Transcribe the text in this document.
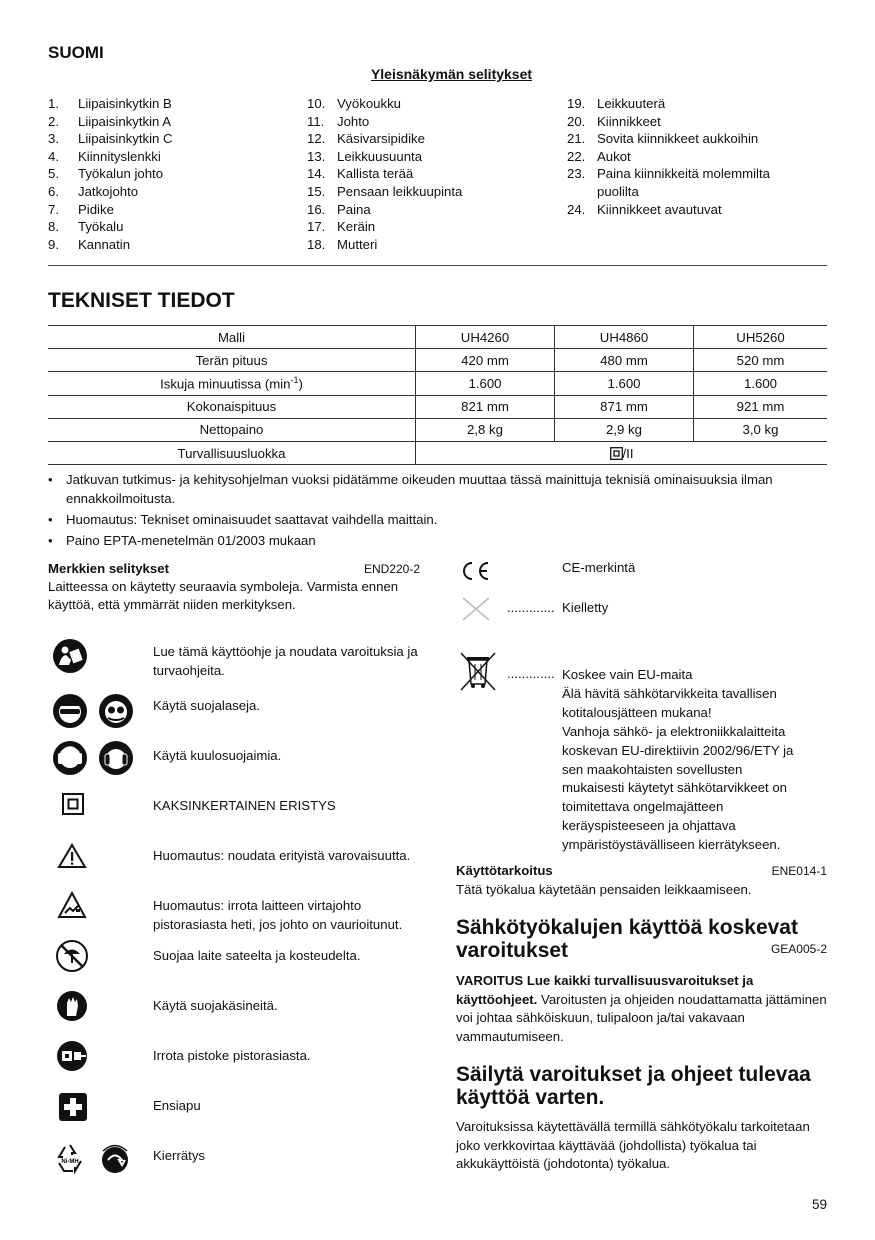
SUOMI
Yleisnäkymän selitykset
1.	Liipaisinkytkin B
2.	Liipaisinkytkin A
3.	Liipaisinkytkin C
4.	Kiinnityslenkki
5.	Työkalun johto
6.	Jatkojohto
7.	Pidike
8.	Työkalu
9.	Kannatin
10. Vyökoukku
11. Johto
12. Käsivarsipidike
13. Leikkuusuunta
14. Kallista terää
15. Pensaan leikkuupinta
16. Paina
17. Keräin
18. Mutteri
19. Leikkuuterä
20. Kiinnikkeet
21. Sovita kiinnikkeet aukkoihin
22. Aukot
23. Paina kiinnikkeitä molemmilta
puolilta
24. Kiinnikkeet avautuvat
TEKNISET TIEDOT
Malli	UH4260	UH4860	UH5260
Terän pituus	420 mm	480 mm	520 mm
Iskuja minuutissa $(\min^{-1})$	1.600	1.600	1.600
Kokonaispituus	821 mm	871 mm	921 mm
Nettopaino	2,8 kg	2,9 kg	3,0 kg
Turvallisuusluokka	/II		
•	Jatkuvan tutkimus- ja kehitysohjelman vuoksi pidätämme oikeuden muuttaa tässä mainittuja teknisiä ominaisuuksia ilman ennakkoilmoitusta.
•	Huomautus: Tekniset ominaisuudet saattavat vaihdella maittain.
•	Paino EPTA-menetelmän 01/2003 mukaan
Merkkien selitykset	END220-2
Laitteessa on käytetty seuraavia symboleja. Varmista ennen käyttöä, että ymmärrät niiden merkityksen.
Ni-MH
Lue tämä käyttöohje ja noudata varoituksia ja turvaohjeita.
Käytä suojalaseja.
Käytä kuulosuojaimia.
KAKSINKERTAINEN ERISTYS
Huomautus: noudata erityistä varovaisuutta.
Huomautus: irrota laitteen virtajohto pistorasiasta heti, jos johto on vaurioitunut.
Suojaa laite sateelta ja kosteudelta.
Käytä suojakäsineitä.
Irrota pistoke pistorasiasta.
Ensiapu
Kierrätys
CE-merkintä
............. Kielletty
............. Koskee vain EU-maita
Älä hävitä sähkötarvikkeita tavallisen
kotitalousjätteen mukana!
Vanhoja sähkö- ja elektroniikkalaitteita
koskevan EU-direktiivin 2002/96/ETY ja
sen maakohtaisten sovellusten
mukaisesti käytetyt sähkötarvikkeet on
toimitettava ongelmajätteen
keräyspisteeseen ja ohjattava
ympäristöystävälliseen kierrätykseen.
Käyttötarkoitus	ENE014-1
Tätä työkalua käytetään pensaiden leikkaamiseen.
Sähkötyökalujen käyttöä koskevat
varoitukset	GEA005-2
VAROITUS Lue kaikki turvallisuusvaroitukset ja käyttöohjeet. Varoitusten ja ohjeiden noudattamatta jättäminen voi johtaa sähköiskuun, tulipaloon ja/tai vakavaan vammautumiseen.
Säilytä varoitukset ja ohjeet tulevaa käyttöä varten.
Varoituksissa käytettävällä termillä sähkötyökalu tarkoitetaan joko verkkovirtaa käyttävää (johdollista) työkalua tai akkukäyttöistä (johdotonta) työkalua.
59
